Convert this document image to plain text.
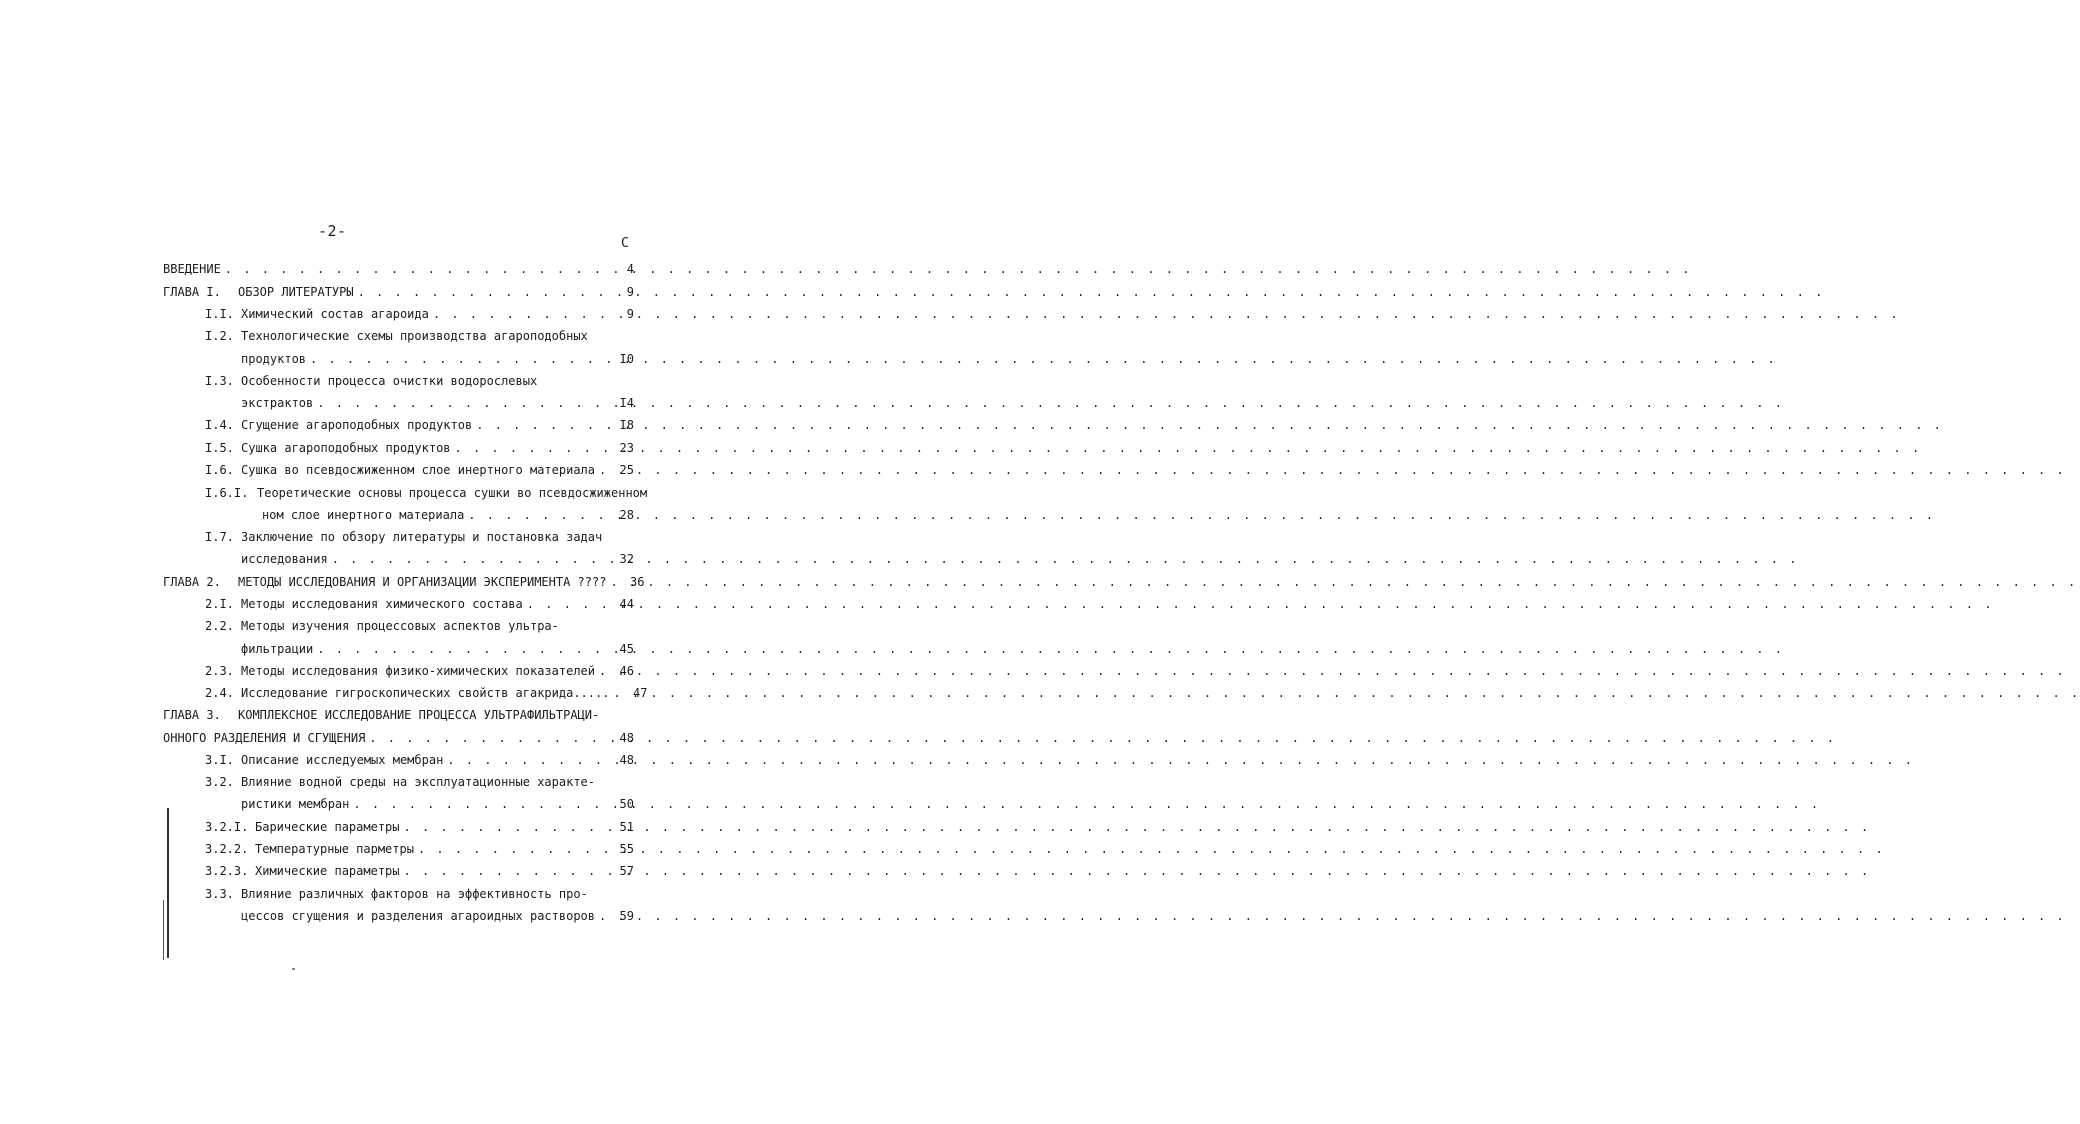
-2-
С
ВВЕДЕНИЕ . . .	4
ГЛАВА I.	ОБЗОР ЛИТЕРАТУРЫ . . .	9
I.I. Химический состав агароида . . .	9
I.2. Технологические схемы производства агароподобных
продуктов . . .	I0
I.3. Особенности процесса очистки водорослевых
экстрактов . . .	I4
I.4. Сгущение агароподобных продуктов . . .	I8
I.5. Сушка агароподобных продуктов . . .	23
I.6. Сушка во псевдосжиженном слое инертного материала . . .	25
I.6.I. Теоретические основы процесса сушки во псевдосжиженном
ном слое инертного материала . . .	28
I.7. Заключение по обзору литературы и постановка задач
исследования . . .	32
ГЛАВА 2.	МЕТОДЫ ИССЛЕДОВАНИЯ И ОРГАНИЗАЦИИ ЭКСПЕРИМЕНТА ???? . . .	36
2.I. Методы исследования химического состава . . .	44
2.2. Методы изучения процессовых аспектов ультра-
фильтрации . . .	45
2.3. Методы исследования физико-химических показателей . . .	46
2.4. Исследование гигроскопических свойств агакрида..... . . .	47
ГЛАВА 3.	КОМПЛЕКСНОЕ ИССЛЕДОВАНИЕ ПРОЦЕССА УЛЬТРАФИЛЬТРАЦИ-
ОННОГО РАЗДЕЛЕНИЯ И СГУЩЕНИЯ . . .	48
3.I. Описание исследуемых мембран . . .	48
3.2. Влияние водной среды на эксплуатационные характе-
ристики мембран . . .	50
3.2.I. Барические параметры . . .	51
3.2.2. Температурные парметры . . .	55
3.2.3. Химические параметры . . .	57
3.3. Влияние различных факторов на эффективность про-
цессов сгущения и разделения агароидных растворов . . .	59
